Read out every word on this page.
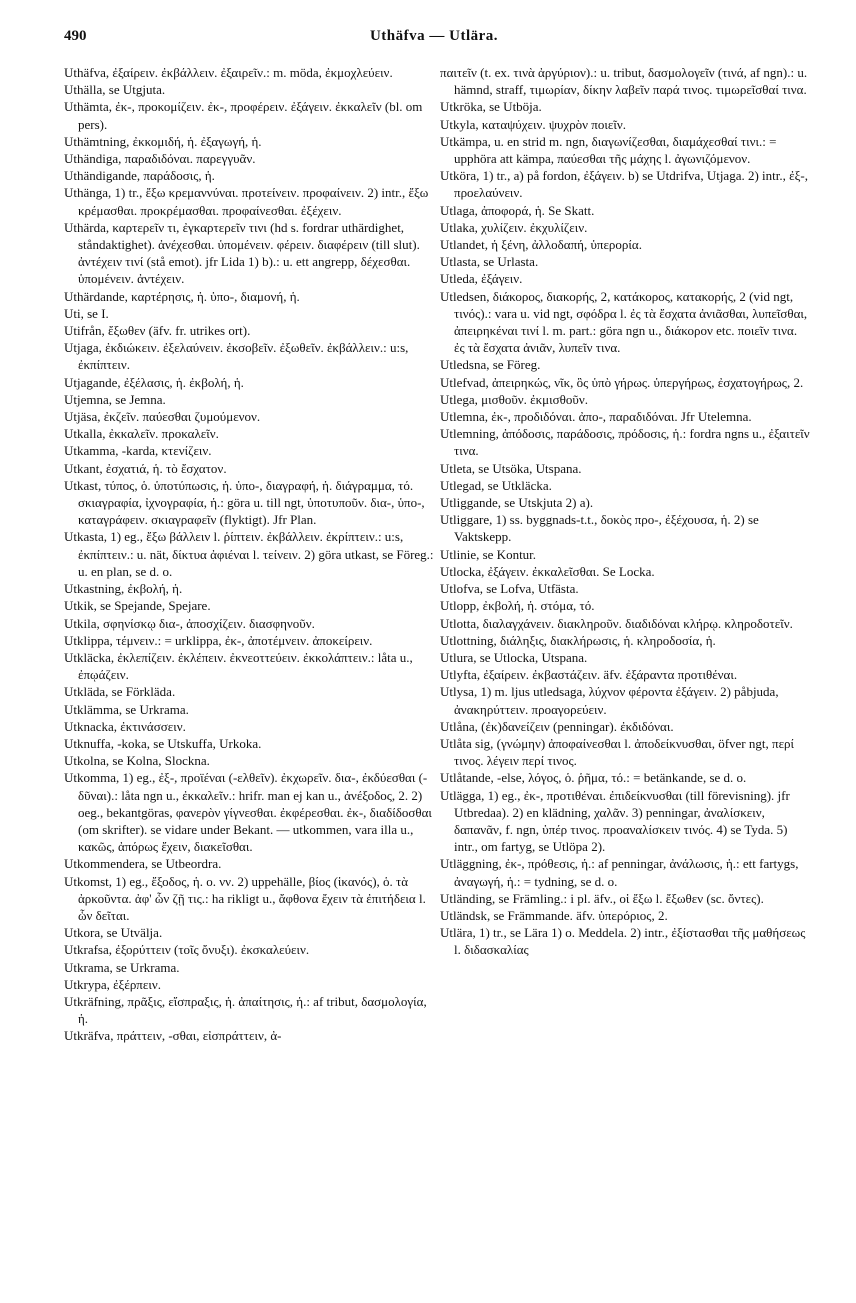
490	Uthäfva — Utlära.

Uthäfva, ἐξαίρειν. ἐκβάλλειν. ἐξαιρεῖν.: m. möda, ἐκμοχλεύειν.

Uthälla, se Utgjuta.

Uthämta, ἐκ-, προκομίζειν. ἐκ-, προφέρειν. ἐξάγειν. ἐκκαλεῖν (bl. om pers).

Uthämtning, ἐκκομιδή, ἡ. ἐξαγωγή, ἡ.

Uthändiga, παραδιδόναι. παρεγγυᾶν.

Uthändigande, παράδοσις, ἡ.

Uthänga, 1) tr., ἔξω κρεμαννύναι. προτείνειν. προφαίνειν. 2) intr., ἔξω κρέμασθαι. προκρέμασθαι. προφαίνεσθαι. ἐξέχειν.

Uthärda, καρτερεῖν τι, ἐγκαρτερεῖν τινι (hd s. fordrar uthärdighet, ståndaktighet). ἀνέχεσθαι. ὑπομένειν. φέρειν. διαφέρειν (till slut). ἀντέχειν τινί (stå emot). jfr Lida 1) b).: u. ett angrepp, δέχεσθαι. ὑπομένειν. ἀντέχειν.

Uthärdande, καρτέρησις, ἡ. ὑπο-, διαμονή, ἡ.

Uti, se I.

Utifrån, ἔξωθεν (äfv. fr. utrikes ort).

Utjaga, ἐκδιώκειν. ἐξελαύνειν. ἐκσοβεῖν. ἐξωθεῖν. ἐκβάλλειν.: u:s, ἐκπίπτειν.

Utjagande, ἐξέλασις, ἡ. ἐκβολή, ἡ.

Utjemna, se Jemna.

Utjäsa, ἐκζεῖν. παύεσθαι ζυμούμενον.

Utkalla, ἐκκαλεῖν. προκαλεῖν.

Utkamma, -karda, κτενίζειν.

Utkant, ἐσχατιά, ἡ. τὸ ἔσχατον.

Utkast, τύπος, ὁ. ὑποτύπωσις, ἡ. ὑπο-, διαγραφή, ἡ. διάγραμμα, τό. σκιαγραφία, ἰχνογραφία, ἡ.: göra u. till ngt, ὑποτυποῦν. δια-, ὑπο-, καταγράφειν. σκιαγραφεῖν (flyktigt). Jfr Plan.

Utkasta, 1) eg., ἔξω βάλλειν l. ῥίπτειν. ἐκβάλλειν. ἐκρίπτειν.: u:s, ἐκπίπτειν.: u. nät, δίκτυα ἀφιέναι l. τείνειν. 2) göra utkast, se Föreg.: u. en plan, se d. o.

Utkastning, ἐκβολή, ἡ.

Utkik, se Spejande, Spejare.

Utkila, σφηνίσκῳ δια-, ἀποσχίζειν. διασφηνοῦν.

Utklippa, τέμνειν.: = urklippa, ἐκ-, ἀποτέμνειν. ἀποκείρειν.

Utkläcka, ἐκλεπίζειν. ἐκλέπειν. ἐκνεοττεύειν. ἐκκολάπτειν.: låta u., ἐπῳάζειν.

Utkläda, se Förkläda.

Utklämma, se Urkrama.

Utknacka, ἐκτινάσσειν.

Utknuffa, -koka, se Utskuffa, Urkoka.

Utkolna, se Kolna, Slockna.

Utkomma, 1) eg., ἐξ-, προϊέναι (-ελθεῖν). ἐκχωρεῖν. δια-, ἐκδύεσθαι (-δῦναι).: låta ngn u., ἐκκαλεῖν.: hrifr. man ej kan u., ἀνέξοδος, 2. 2) oeg., bekantgöras, φανερὸν γίγνεσθαι. ἐκφέρεσθαι. ἐκ-, διαδίδοσθαι (om skrifter). se vidare under Bekant. — utkommen, vara illa u., κακῶς, ἀπόρως ἔχειν, διακεῖσθαι.

Utkommendera, se Utbeordra.

Utkomst, 1) eg., ἔξοδος, ἡ. ο. νν. 2) uppehälle, βίος (ἱκανός), ὁ. τὰ ἀρκοῦντα. ἀφ' ὧν ζῇ τις.: ha rikligt u., ἄφθονα ἔχειν τὰ ἐπιτήδεια l. ὧν δεῖται.

Utkora, se Utvälja.

Utkrafsa, ἐξορύττειν (τοῖς ὄνυξι). ἐκσκαλεύειν.

Utkrama, se Urkrama.

Utkrypa, ἐξέρπειν.

Utkräfning, πρᾶξις, εἴσπραξις, ἡ. ἀπαίτησις, ἡ.: af tribut, δασμολογία, ἡ.

Utkräfva, πράττειν, -σθαι, εἰσπράττειν, ἀ-

παιτεῖν (t. ex. τινὰ ἀργύριον).: u. tribut, δασμολογεῖν (τινά, af ngn).: u. hämnd, straff, τιμωρίαν, δίκην λαβεῖν παρά τινος. τιμωρεῖσθαί τινα.

Utkröka, se Utböja.

Utkyla, καταψύχειν. ψυχρὸν ποιεῖν.

Utkämpa, u. en strid m. ngn, διαγωνίζεσθαι, διαμάχεσθαί τινι.: = upphöra att kämpa, παύεσθαι τῆς μάχης l. ἀγωνιζόμενον.

Utköra, 1) tr., a) på fordon, ἐξάγειν. b) se Utdrifva, Utjaga. 2) intr., ἐξ-, προελαύνειν.

Utlaga, ἀποφορά, ἡ. Se Skatt.

Utlaka, χυλίζειν. ἐκχυλίζειν.

Utlandet, ἡ ξένη, ἀλλοδαπή, ὑπερορία.

Utlasta, se Urlasta.

Utleda, ἐξάγειν.

Utledsen, διάκορος, διακορής, 2, κατάκορος, κατακορής, 2 (vid ngt, τινός).: vara u. vid ngt, σφόδρα l. ἐς τὰ ἔσχατα ἀνιᾶσθαι, λυπεῖσθαι, ἀπειρηκέναι τινί l. m. part.: göra ngn u., διάκορον etc. ποιεῖν τινα. ἐς τὰ ἔσχατα ἀνιᾶν, λυπεῖν τινα.

Utledsna, se Föreg.

Utlefvad, ἀπειρηκώς, νῖκ, ὃς ὑπὸ γήρως. ὑπεργήρως, ἐσχατογήρως, 2.

Utlega, μισθοῦν. ἐκμισθοῦν.

Utlemna, ἐκ-, προδιδόναι. ἀπο-, παραδιδόναι. Jfr Utelemna.

Utlemning, ἀπόδοσις, παράδοσις, πρόδοσις, ἡ.: fordra ngns u., ἐξαιτεῖν τινα.

Utleta, se Utsöka, Utspana.

Utlegad, se Utkläcka.

Utliggande, se Utskjuta 2) a).

Utliggare, 1) ss. byggnads-t.t., δοκὸς προ-, ἐξέχουσα, ἡ. 2) se Vaktskepp.

Utlinie, se Kontur.

Utlocka, ἐξάγειν. ἐκκαλεῖσθαι. Se Locka.

Utlofva, se Lofva, Utfästa.

Utlopp, ἐκβολή, ἡ. στόμα, τό.

Utlotta, διαλαγχάνειν. διακληροῦν. διαδιδόναι κλήρῳ. κληροδοτεῖν.

Utlottning, διάληξις, διακλήρωσις, ἡ. κληροδοσία, ἡ.

Utlura, se Utlocka, Utspana.

Utlyfta, ἐξαίρειν. ἐκβαστάζειν. äfv. ἐξάραντα προτιθέναι.

Utlysa, 1) m. ljus utledsaga, λύχνον φέροντα ἐξάγειν. 2) påbjuda, ἀνακηρύττειν. προαγορεύειν.

Utlåna, (ἐκ)δανείζειν (penningar). ἐκδιδόναι.

Utlåta sig, (γνώμην) ἀποφαίνεσθαι l. ἀποδείκνυσθαι, öfver ngt, περί τινος. λέγειν περί τινος.

Utlåtande, -else, λόγος, ὁ. ῥῆμα, τό.: = betänkande, se d. o.

Utlägga, 1) eg., ἐκ-, προτιθέναι. ἐπιδείκνυσθαι (till förevisning). jfr Utbredaa). 2) en klädning, χαλᾶν. 3) penningar, ἀναλίσκειν, δαπανᾶν, f. ngn, ὑπέρ τινος. προαναλίσκειν τινός. 4) se Tyda. 5) intr., om fartyg, se Utlöpa 2).

Utläggning, ἐκ-, πρόθεσις, ἡ.: af penningar, ἀνάλωσις, ἡ.: ett fartygs, ἀναγωγή, ἡ.: = tydning, se d. o.

Utländing, se Främling.: i pl. äfv., οἱ ἔξω l. ἔξωθεν (sc. ὄντες).

Utländsk, se Främmande. äfv. ὑπερόριος, 2.

Utlära, 1) tr., se Lära 1) o. Meddela. 2) intr., ἐξίστασθαι τῆς μαθήσεως l. διδασκαλίας
